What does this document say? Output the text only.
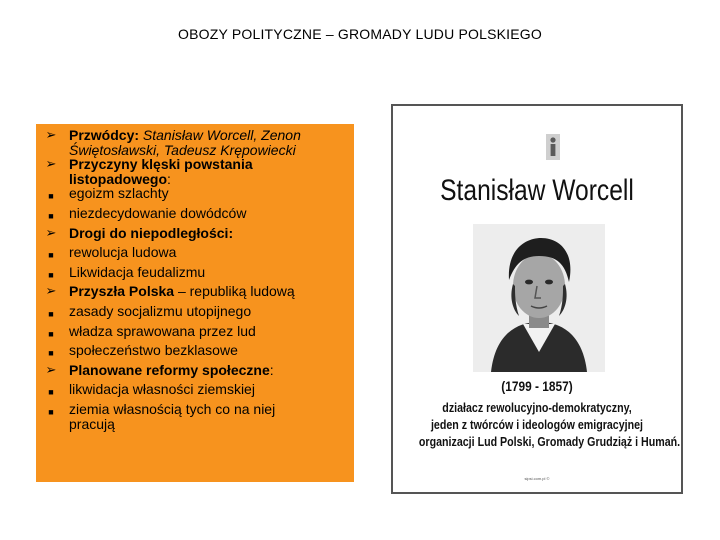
OBOZY POLITYCZNE – GROMADY LUDU POLSKIEGO
➢ Przwódcy: Stanisław Worcell, Zenon
Świętosławski, Tadeusz Krępowiecki
➢ Przyczyny klęski powstania
listopadowego:
■	egoizm szlachty
■	niezdecydowanie dowódców
➢ Drogi do niepodległości:
■	rewolucja ludowa
■	Likwidacja feudalizmu
➢ Przyszła Polska – republiką ludową
■	zasady socjalizmu utopijnego
■	władza sprawowana przez lud
■	społeczeństwo bezklasowe
➢ Planowane reformy społeczne:
■	likwidacja własności ziemskiej
■	ziemia własnością tych co na niej
pracują
Stanisław Worcell
(1799 - 1857)
działacz rewolucyjno-demokratyczny,
jeden z twórców i ideologów emigracyjnej
organizacji Lud Polski, Gromady Grudziąż i Humań.
sipsi.com.pl ©
